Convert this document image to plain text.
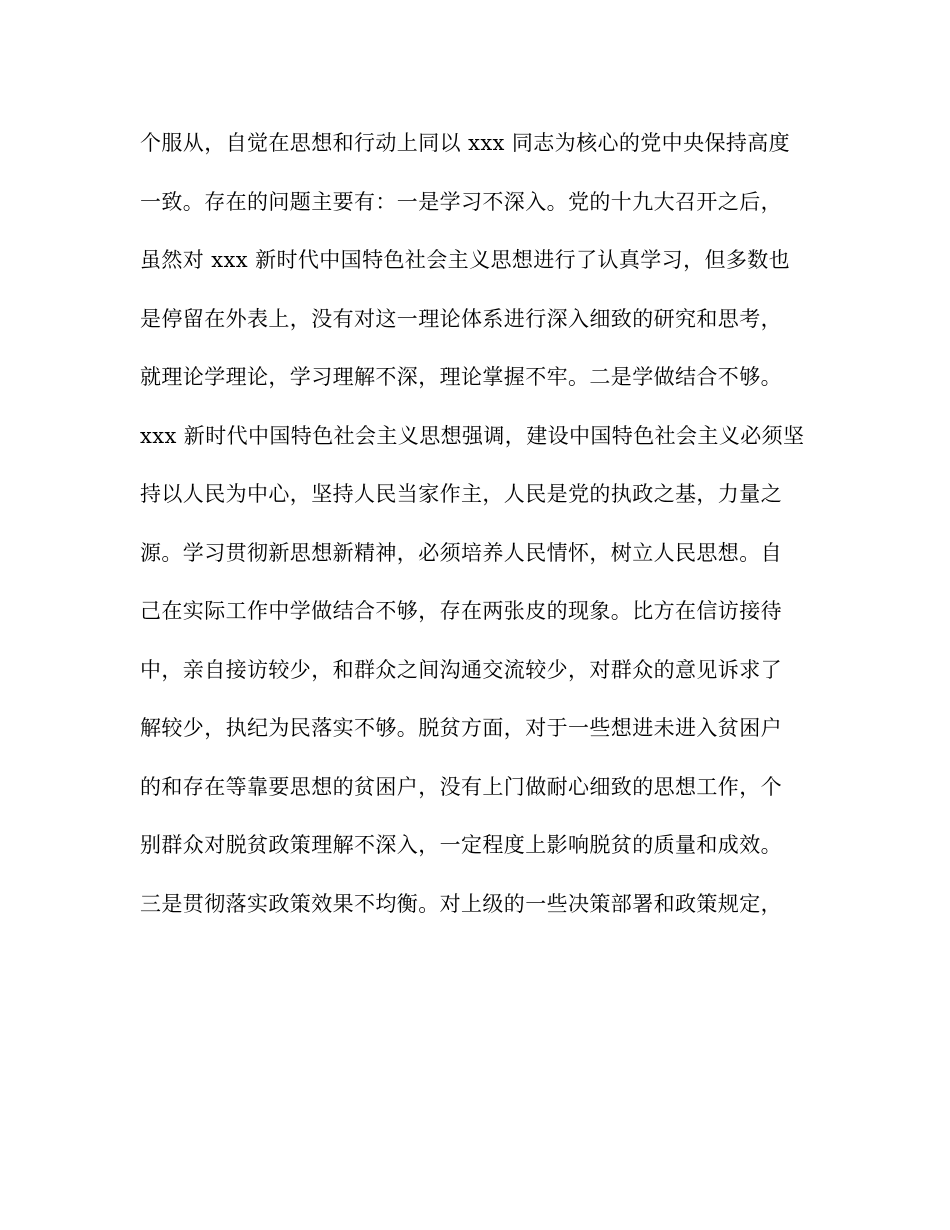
个服从，自觉在思想和行动上同以 xxx 同志为核心的党中央保持高度
一致。存在的问题主要有：一是学习不深入。党的十九大召开之后，
虽然对 xxx 新时代中国特色社会主义思想进行了认真学习，但多数也
是停留在外表上，没有对这一理论体系进行深入细致的研究和思考，
就理论学理论，学习理解不深，理论掌握不牢。二是学做结合不够。
xxx 新时代中国特色社会主义思想强调，建设中国特色社会主义必须坚
持以人民为中心，坚持人民当家作主，人民是党的执政之基，力量之
源。学习贯彻新思想新精神，必须培养人民情怀，树立人民思想。自
己在实际工作中学做结合不够，存在两张皮的现象。比方在信访接待
中，亲自接访较少，和群众之间沟通交流较少，对群众的意见诉求了
解较少，执纪为民落实不够。脱贫方面，对于一些想进未进入贫困户
的和存在等靠要思想的贫困户，没有上门做耐心细致的思想工作，个
别群众对脱贫政策理解不深入，一定程度上影响脱贫的质量和成效。
三是贯彻落实政策效果不均衡。对上级的一些决策部署和政策规定，
